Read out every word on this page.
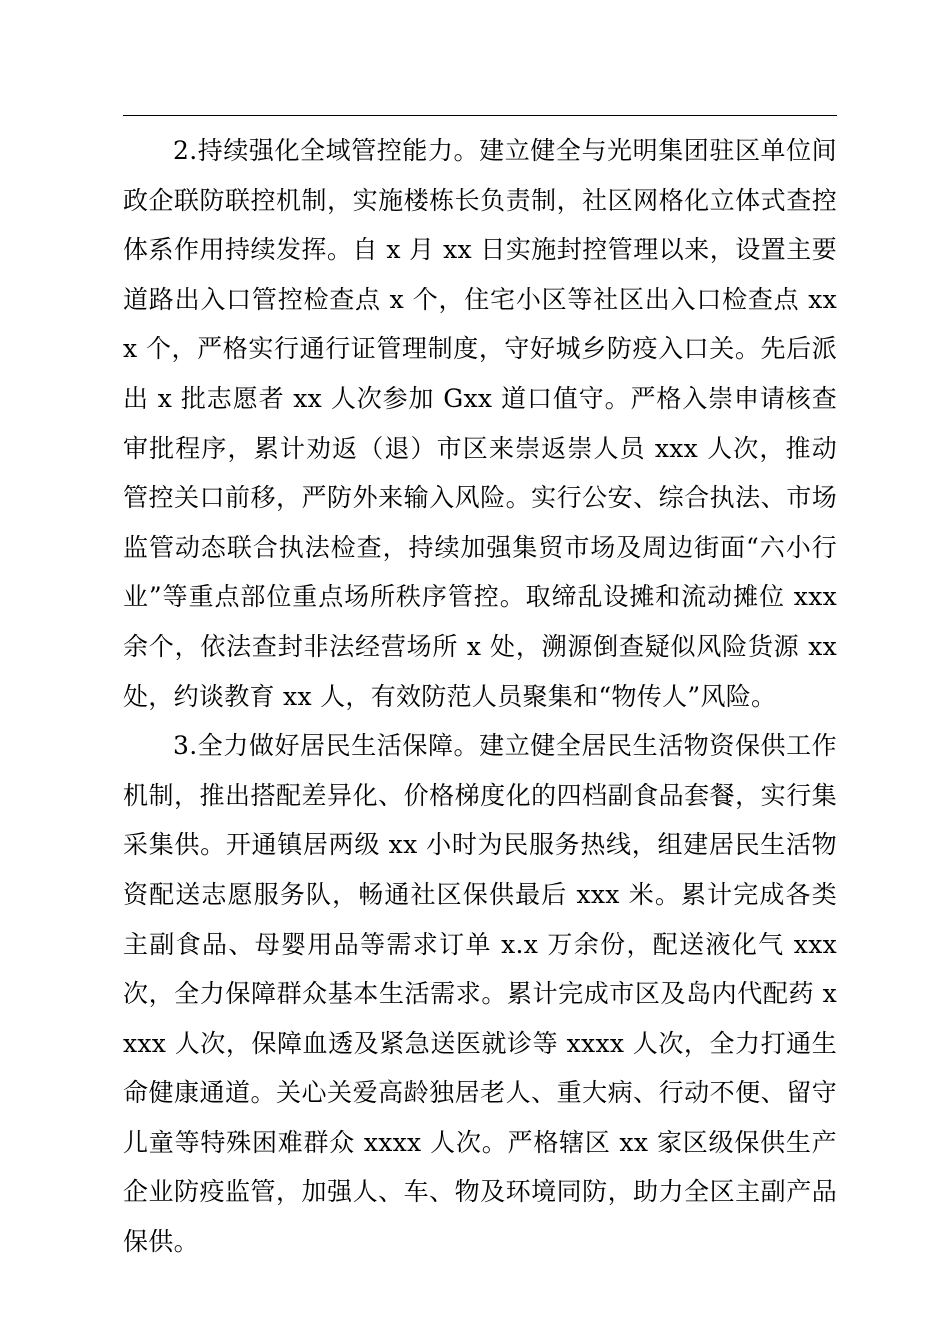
2.持续强化全域管控能力。建立健全与光明集团驻区单位间政企联防联控机制，实施楼栋长负责制，社区网格化立体式查控体系作用持续发挥。自 x 月 xx 日实施封控管理以来，设置主要道路出入口管控检查点 x 个，住宅小区等社区出入口检查点 xxx 个，严格实行通行证管理制度，守好城乡防疫入口关。先后派出 x 批志愿者 xx 人次参加 Gxx 道口值守。严格入崇申请核查审批程序，累计劝返（退）市区来崇返崇人员 xxx 人次，推动管控关口前移，严防外来输入风险。实行公安、综合执法、市场监管动态联合执法检查，持续加强集贸市场及周边街面“六小行业”等重点部位重点场所秩序管控。取缔乱设摊和流动摊位 xxx 余个，依法查封非法经营场所 x 处，溯源倒查疑似风险货源 xx 处，约谈教育 xx 人，有效防范人员聚集和“物传人”风险。

3.全力做好居民生活保障。建立健全居民生活物资保供工作机制，推出搭配差异化、价格梯度化的四档副食品套餐，实行集采集供。开通镇居两级 xx 小时为民服务热线，组建居民生活物资配送志愿服务队，畅通社区保供最后 xxx 米。累计完成各类主副食品、母婴用品等需求订单 x.x 万余份，配送液化气 xxx 次，全力保障群众基本生活需求。累计完成市区及岛内代配药 xxxx 人次，保障血透及紧急送医就诊等 xxxx 人次，全力打通生命健康通道。关心关爱高龄独居老人、重大病、行动不便、留守儿童等特殊困难群众 xxxx 人次。严格辖区 xx 家区级保供生产企业防疫监管，加强人、车、物及环境同防，助力全区主副产品保供。
